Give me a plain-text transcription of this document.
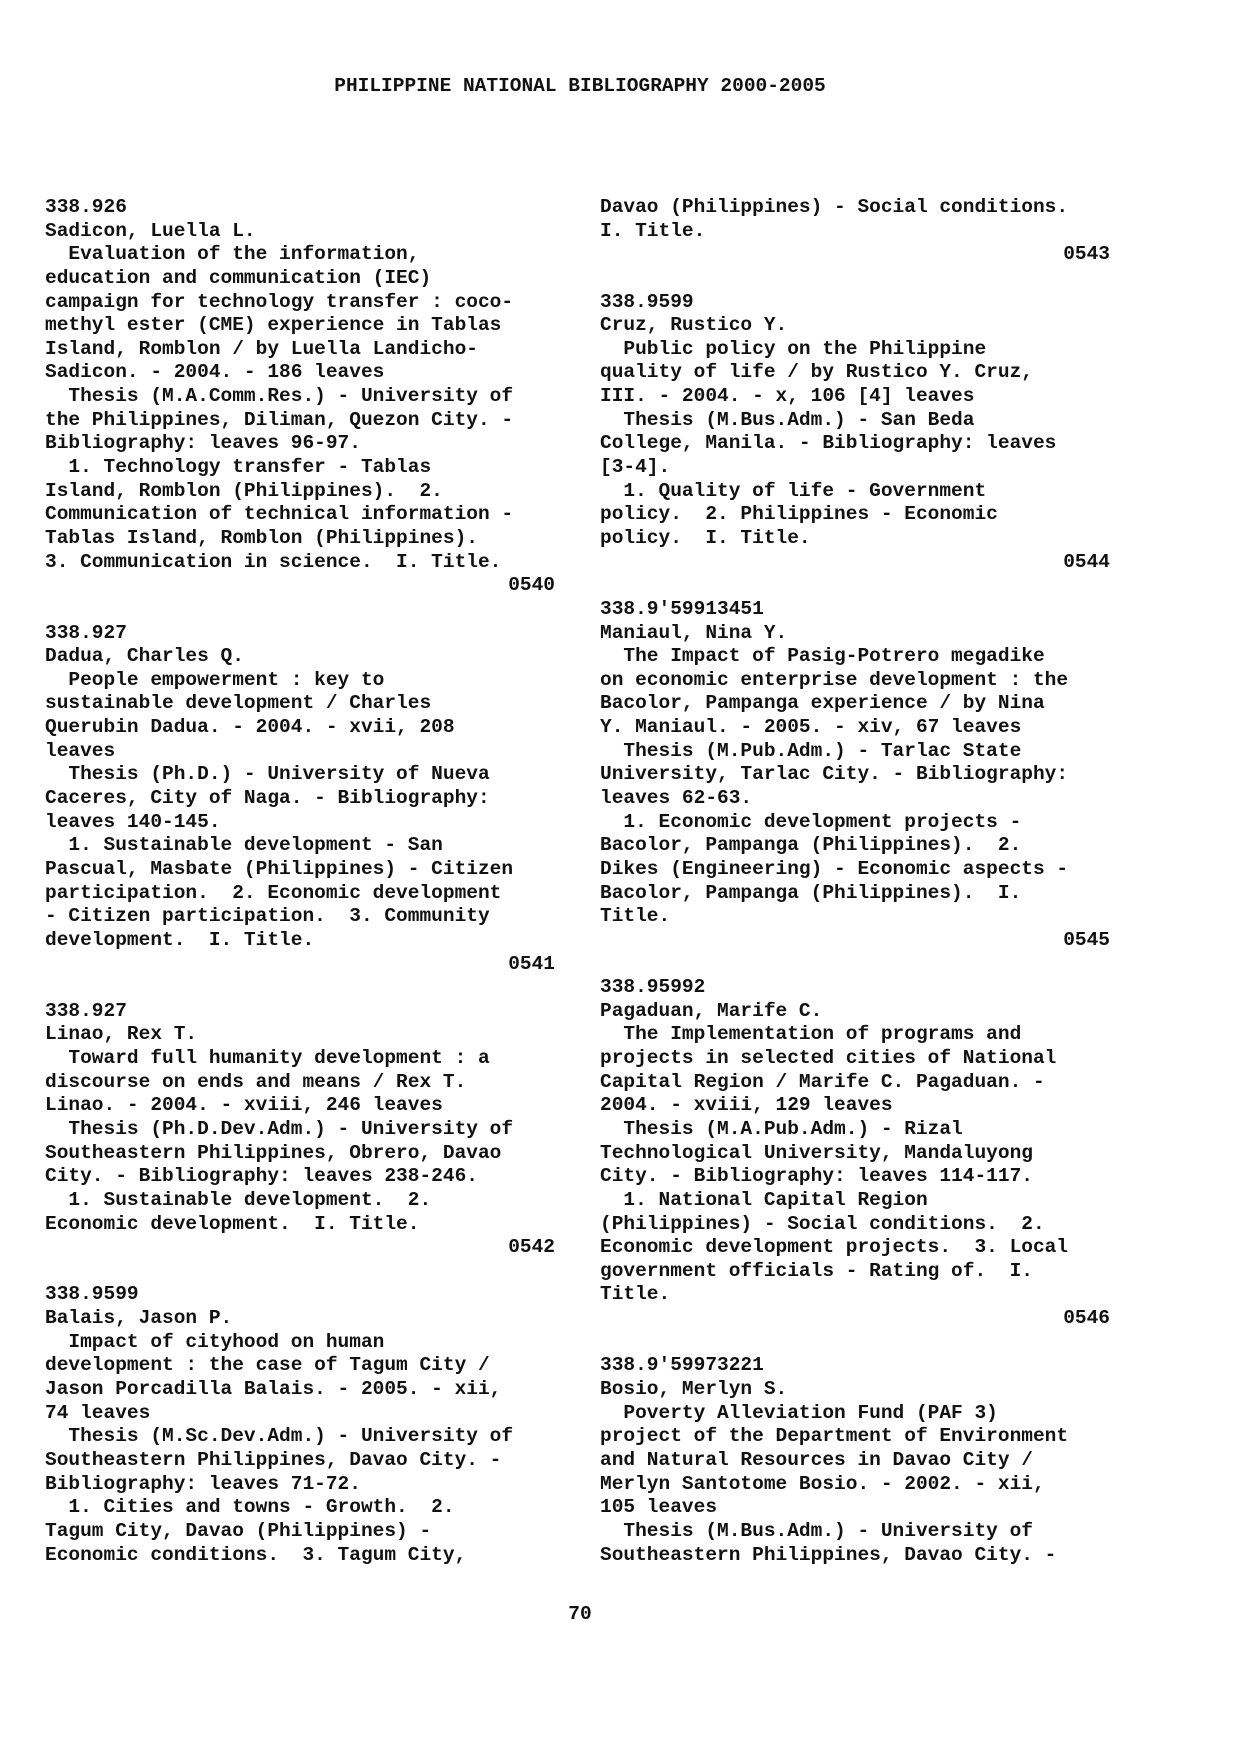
PHILIPPINE NATIONAL BIBLIOGRAPHY 2000-2005
338.926
Sadicon, Luella L.
Evaluation of the information,
education and communication (IEC)
campaign for technology transfer : coco-
methyl ester (CME) experience in Tablas
Island, Romblon / by Luella Landicho-
Sadicon. - 2004. - 186 leaves
Thesis (M.A.Comm.Res.) - University of
the Philippines, Diliman, Quezon City. -
Bibliography: leaves 96-97.
1. Technology transfer - Tablas
Island, Romblon (Philippines).  2.
Communication of technical information -
Tablas Island, Romblon (Philippines).
3. Communication in science.  I. Title.
0540
338.927
Dadua, Charles Q.
People empowerment : key to
sustainable development / Charles
Querubin Dadua. - 2004. - xvii, 208
leaves
Thesis (Ph.D.) - University of Nueva
Caceres, City of Naga. - Bibliography:
leaves 140-145.
1. Sustainable development - San
Pascual, Masbate (Philippines) - Citizen
participation.  2. Economic development
- Citizen participation.  3. Community
development.  I. Title.
0541
338.927
Linao, Rex T.
Toward full humanity development : a
discourse on ends and means / Rex T.
Linao. - 2004. - xviii, 246 leaves
Thesis (Ph.D.Dev.Adm.) - University of
Southeastern Philippines, Obrero, Davao
City. - Bibliography: leaves 238-246.
1. Sustainable development.  2.
Economic development.  I. Title.
0542
338.9599
Balais, Jason P.
Impact of cityhood on human
development : the case of Tagum City /
Jason Porcadilla Balais. - 2005. - xii,
74 leaves
Thesis (M.Sc.Dev.Adm.) - University of
Southeastern Philippines, Davao City. -
Bibliography: leaves 71-72.
1. Cities and towns - Growth.  2.
Tagum City, Davao (Philippines) -
Economic conditions.  3. Tagum City,
Davao (Philippines) - Social conditions.
I. Title.
0543
338.9599
Cruz, Rustico Y.
Public policy on the Philippine
quality of life / by Rustico Y. Cruz,
III. - 2004. - x, 106 [4] leaves
Thesis (M.Bus.Adm.) - San Beda
College, Manila. - Bibliography: leaves
[3-4].
1. Quality of life - Government
policy.  2. Philippines - Economic
policy.  I. Title.
0544
338.9'59913451
Maniaul, Nina Y.
The Impact of Pasig-Potrero megadike
on economic enterprise development : the
Bacolor, Pampanga experience / by Nina
Y. Maniaul. - 2005. - xiv, 67 leaves
Thesis (M.Pub.Adm.) - Tarlac State
University, Tarlac City. - Bibliography:
leaves 62-63.
1. Economic development projects -
Bacolor, Pampanga (Philippines).  2.
Dikes (Engineering) - Economic aspects -
Bacolor, Pampanga (Philippines).  I.
Title.
0545
338.95992
Pagaduan, Marife C.
The Implementation of programs and
projects in selected cities of National
Capital Region / Marife C. Pagaduan. -
2004. - xviii, 129 leaves
Thesis (M.A.Pub.Adm.) - Rizal
Technological University, Mandaluyong
City. - Bibliography: leaves 114-117.
1. National Capital Region
(Philippines) - Social conditions.  2.
Economic development projects.  3. Local
government officials - Rating of.  I.
Title.
0546
338.9'59973221
Bosio, Merlyn S.
Poverty Alleviation Fund (PAF 3)
project of the Department of Environment
and Natural Resources in Davao City /
Merlyn Santotome Bosio. - 2002. - xii,
105 leaves
Thesis (M.Bus.Adm.) - University of
Southeastern Philippines, Davao City. -
70
